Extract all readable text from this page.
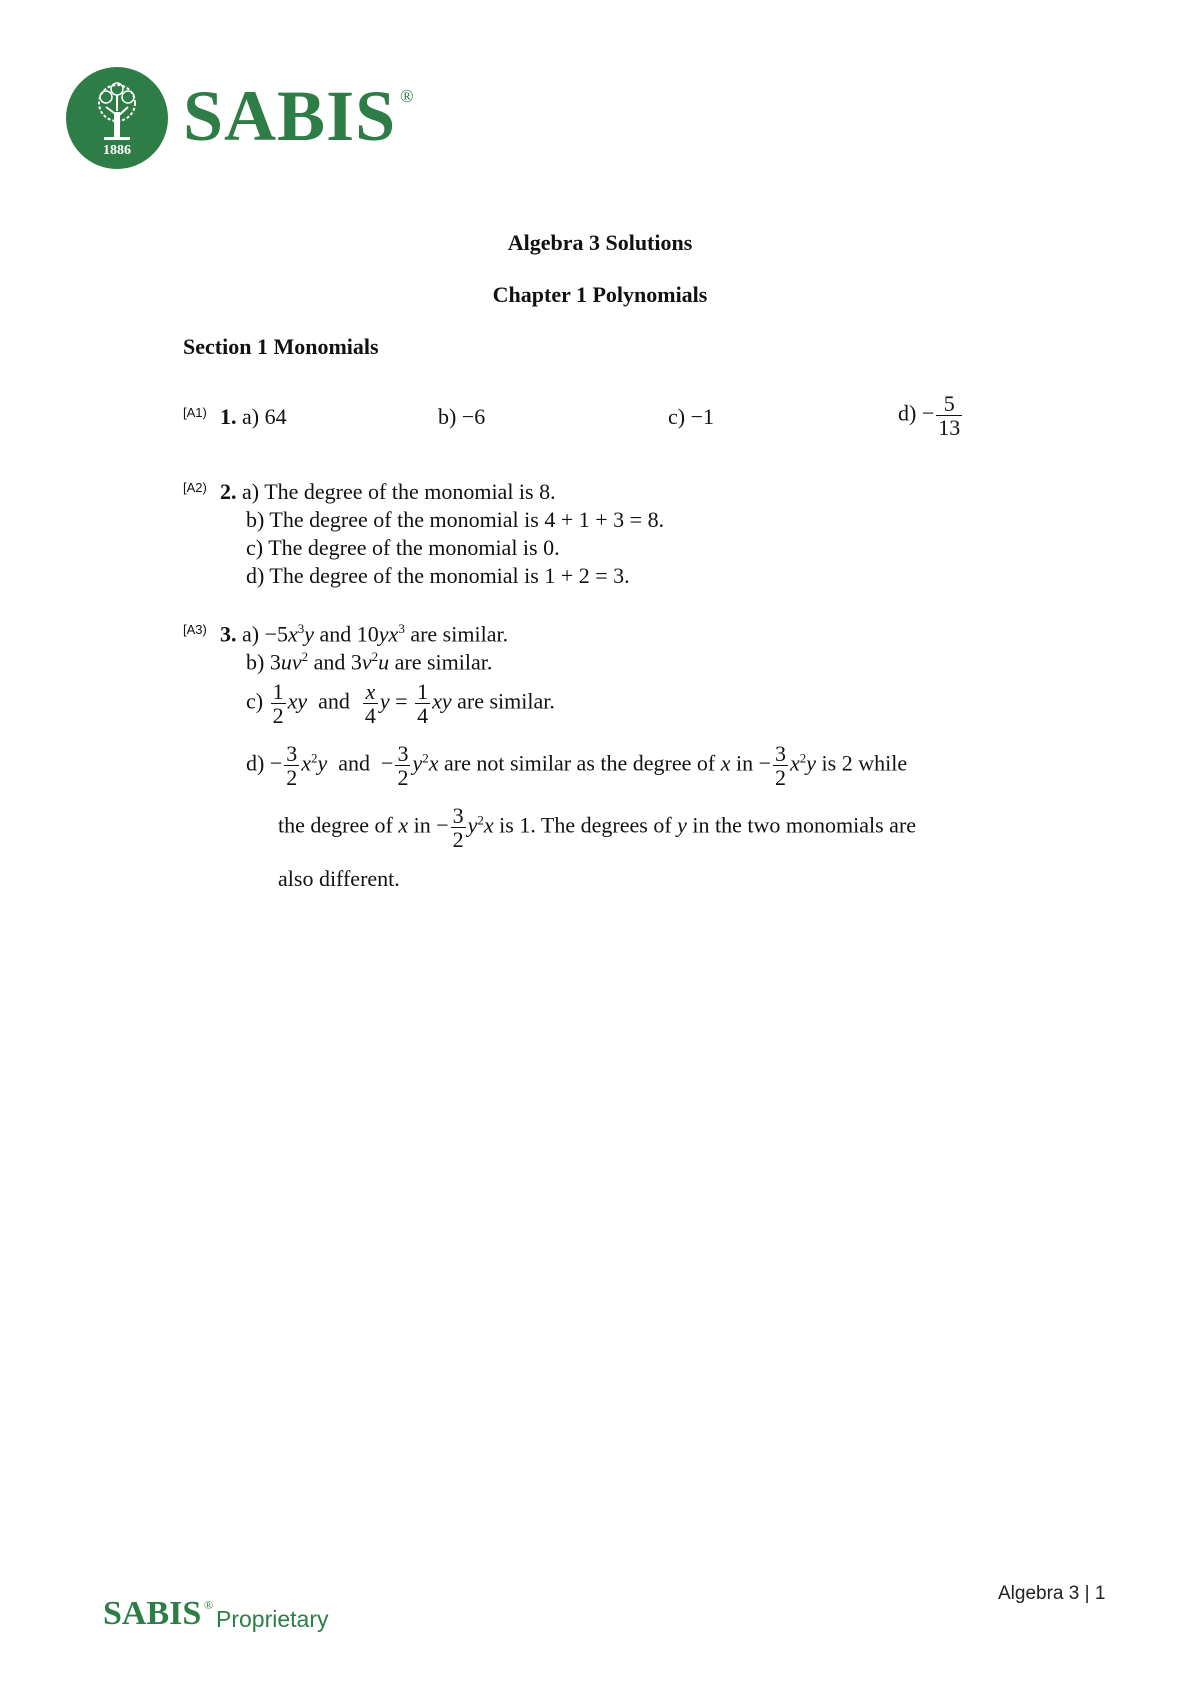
1886 SABIS ®
Algebra 3 Solutions
Chapter 1 Polynomials
Section 1 Monomials
[A1) 1. a) 64	b) −6	c) −1	$d) - \frac{5}{13}$
[A2) 2. a) The degree of the monomial is 8.
b) The degree of the monomial is 4 + 1 + 3 = 8.
c) The degree of the monomial is 0.
d) The degree of the monomial is 1 + 2 = 3.
[A3) 3. $a) -5x^3y$ and $10yx^3$ are similar.
b) $3uv^2$ and $3v^2u$ are similar.
$c) \frac{1}{2}$ xy  and $\frac{x}{4}$ $y = \frac{1}{4}$ xy are similar.
$d) - \frac{3}{2} x^2y$  and  − $\frac{3}{2} y^2x$ are not similar as the degree of x in − $\frac{3}{2} x^2y$ is 2 while
the degree of x in − $\frac{3}{2} y^2x$ is 1. The degrees of y in the two monomials are
also different.
Algebra 3 | 1
SABIS ®
Proprietary
